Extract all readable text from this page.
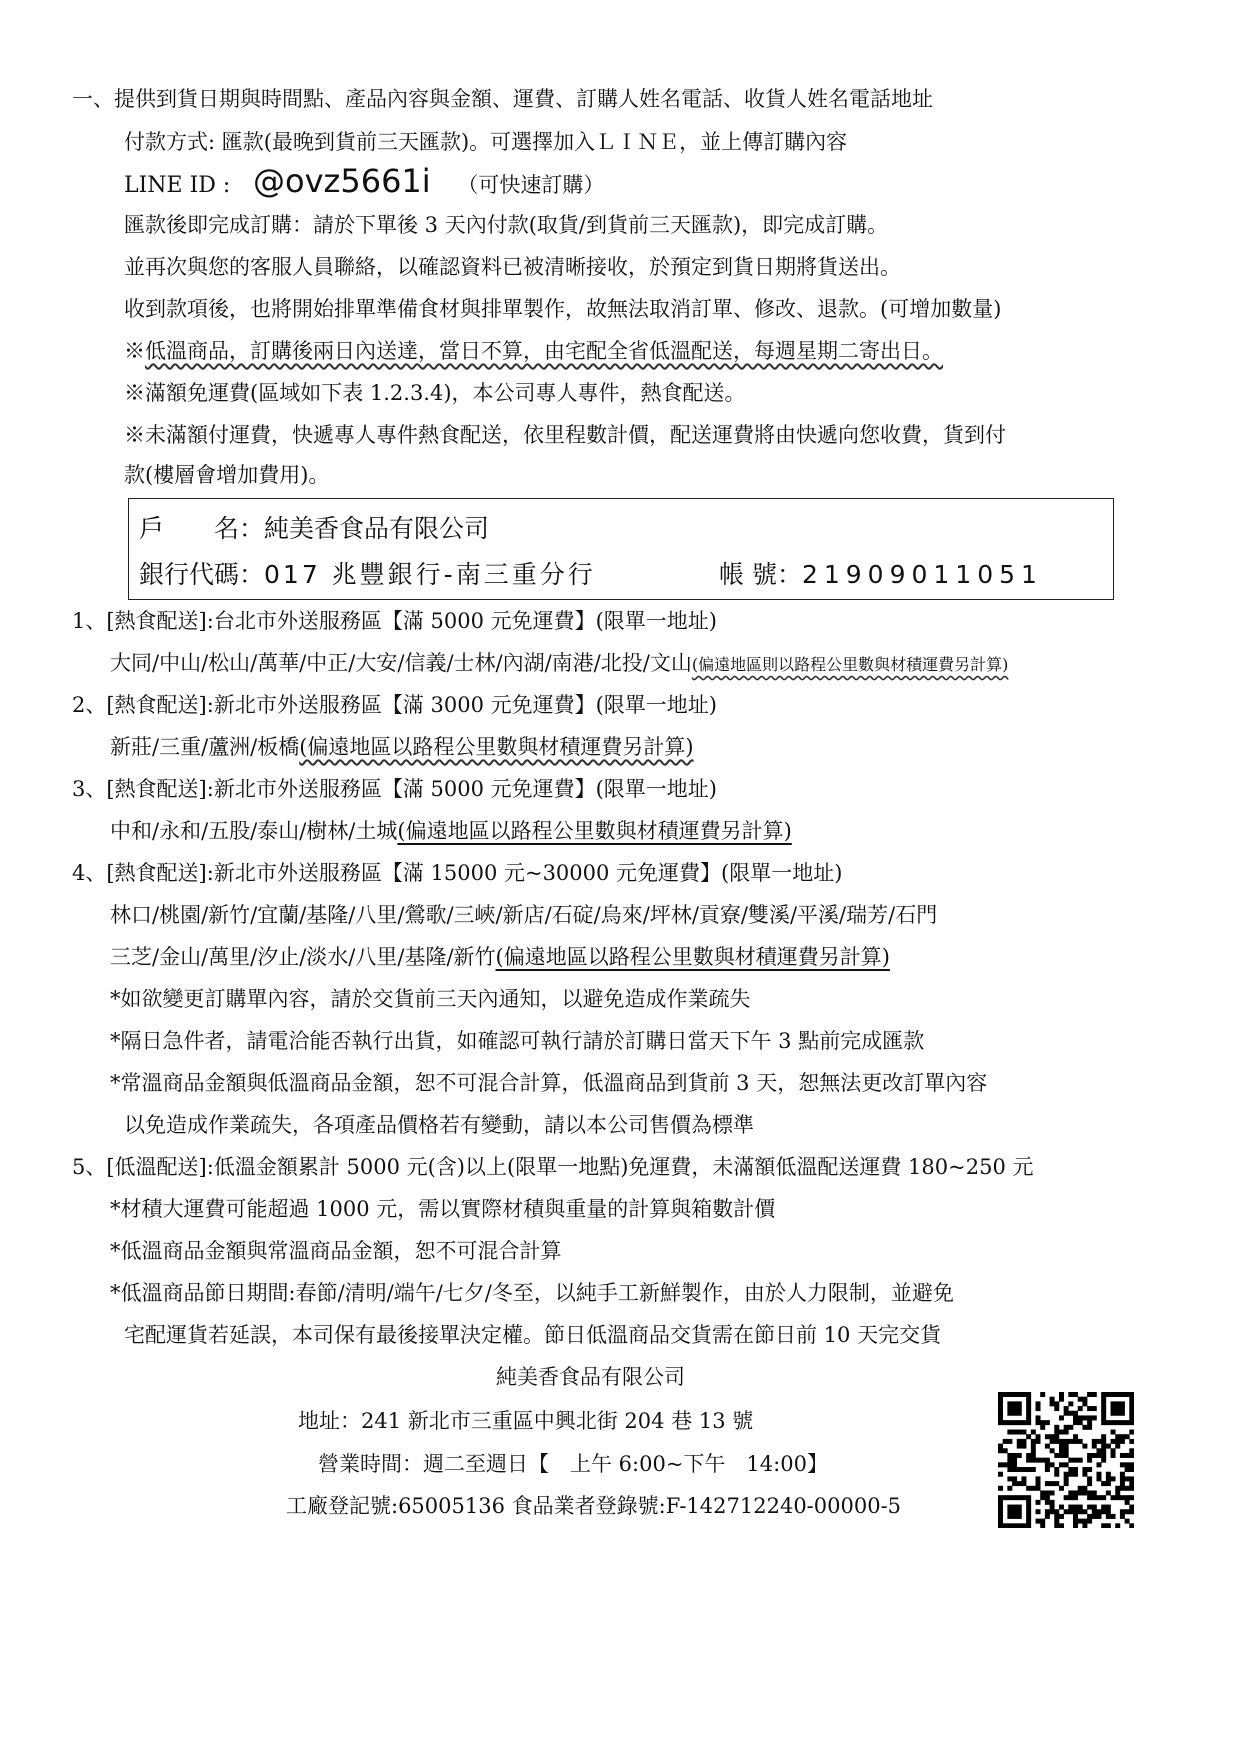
一、提供到貨日期與時間點、產品內容與金額、運費、訂購人姓名電話、收貨人姓名電話地址
付款方式: 匯款(最晚到貨前三天匯款)。可選擇加入ＬＩＮＥ，並上傳訂購內容
LINE ID : @ovz5661i （可快速訂購）
匯款後即完成訂購：請於下單後 3 天內付款(取貨/到貨前三天匯款)，即完成訂購。
並再次與您的客服人員聯絡，以確認資料已被清晰接收，於預定到貨日期將貨送出。
收到款項後，也將開始排單準備食材與排單製作，故無法取消訂單、修改、退款。(可增加數量)
※低溫商品，訂購後兩日內送達，當日不算，由宅配全省低溫配送，每週星期二寄出日。
※滿額免運費(區域如下表 1.2.3.4)，本公司專人專件，熱食配送。
※未滿額付運費，快遞專人專件熱食配送，依里程數計價，配送運費將由快遞向您收費，貨到付
款(樓層會增加費用)。
戶　　名：純美香食品有限公司
銀行代碼：017 兆豐銀行-南三重分行	帳 號：21909011051
1、[熱食配送]:台北市外送服務區【滿 5000 元免運費】(限單一地址)
大同/中山/松山/萬華/中正/大安/信義/士林/內湖/南港/北投/文山(偏遠地區則以路程公里數與材積運費另計算)
2、[熱食配送]:新北市外送服務區【滿 3000 元免運費】(限單一地址)
新莊/三重/蘆洲/板橋(偏遠地區以路程公里數與材積運費另計算)
3、[熱食配送]:新北市外送服務區【滿 5000 元免運費】(限單一地址)
中和/永和/五股/泰山/樹林/土城(偏遠地區以路程公里數與材積運費另計算)
4、[熱食配送]:新北市外送服務區【滿 15000 元~30000 元免運費】(限單一地址)
林口/桃園/新竹/宜蘭/基隆/八里/鶯歌/三峽/新店/石碇/烏來/坪林/貢寮/雙溪/平溪/瑞芳/石門
三芝/金山/萬里/汐止/淡水/八里/基隆/新竹(偏遠地區以路程公里數與材積運費另計算)
*如欲變更訂購單內容，請於交貨前三天內通知，以避免造成作業疏失
*隔日急件者，請電洽能否執行出貨，如確認可執行請於訂購日當天下午 3 點前完成匯款
*常溫商品金額與低溫商品金額，恕不可混合計算，低溫商品到貨前 3 天，恕無法更改訂單內容
以免造成作業疏失，各項產品價格若有變動，請以本公司售價為標準
5、[低溫配送]:低溫金額累計 5000 元(含)以上(限單一地點)免運費，未滿額低溫配送運費 180~250 元
*材積大運費可能超過 1000 元，需以實際材積與重量的計算與箱數計價
*低溫商品金額與常溫商品金額，恕不可混合計算
*低溫商品節日期間:春節/清明/端午/七夕/冬至，以純手工新鮮製作，由於人力限制，並避免
宅配運貨若延誤，本司保有最後接單決定權。節日低溫商品交貨需在節日前 10 天完交貨
純美香食品有限公司
地址：241 新北市三重區中興北街 204 巷 13 號
營業時間：週二至週日【　上午 6:00~下午　14:00】
工廠登記號:65005136 食品業者登錄號:F-142712240-00000-5
